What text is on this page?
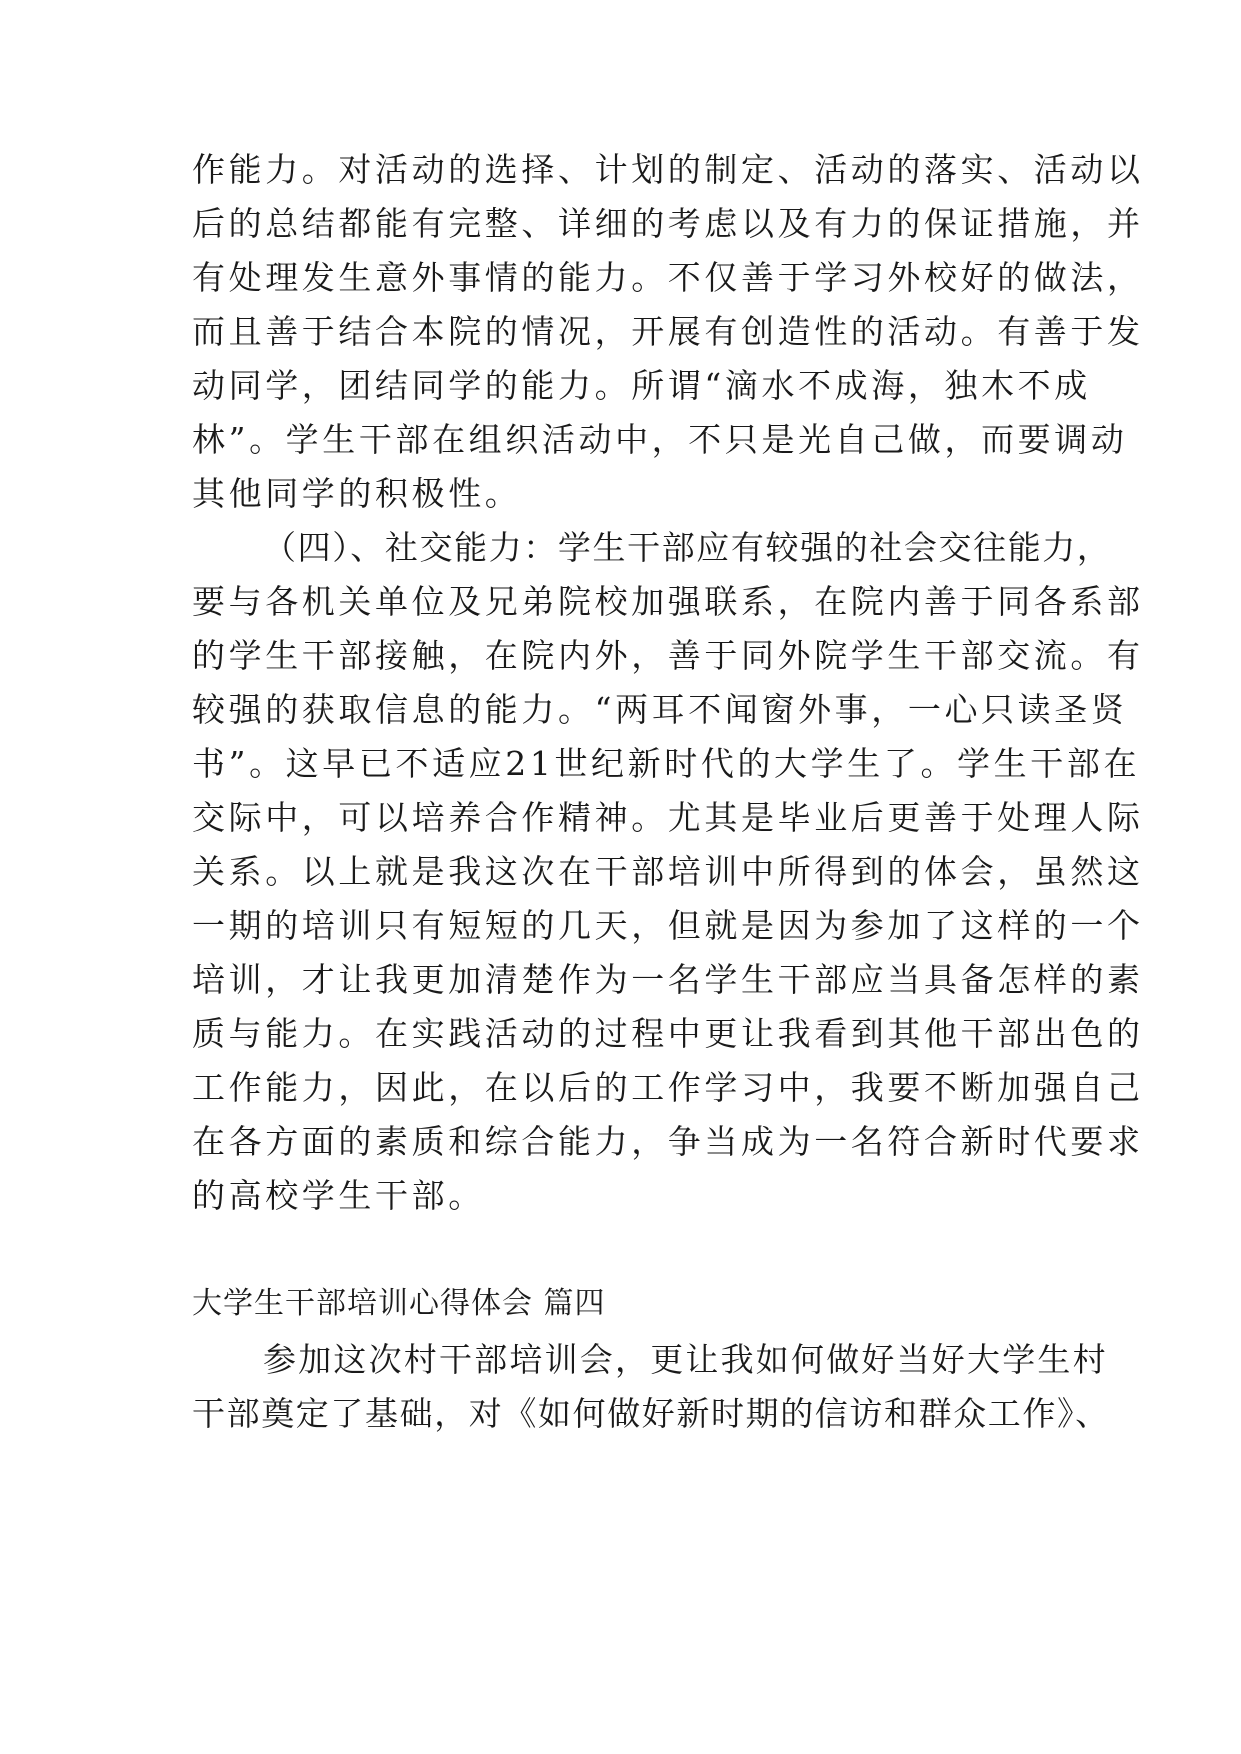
作能力。对活动的选择、计划的制定、活动的落实、活动以
后的总结都能有完整、详细的考虑以及有力的保证措施，并
有处理发生意外事情的能力。不仅善于学习外校好的做法，
而且善于结合本院的情况，开展有创造性的活动。有善于发
动同学，团结同学的能力。所谓“滴水不成海，独木不成
林”。学生干部在组织活动中，不只是光自己做，而要调动
其他同学的积极性。
（四）、社交能力：学生干部应有较强的社会交往能力，
要与各机关单位及兄弟院校加强联系，在院内善于同各系部
的学生干部接触，在院内外，善于同外院学生干部交流。有
较强的获取信息的能力。“两耳不闻窗外事，一心只读圣贤
书”。这早已不适应21世纪新时代的大学生了。学生干部在
交际中，可以培养合作精神。尤其是毕业后更善于处理人际
关系。以上就是我这次在干部培训中所得到的体会，虽然这
一期的培训只有短短的几天，但就是因为参加了这样的一个
培训，才让我更加清楚作为一名学生干部应当具备怎样的素
质与能力。在实践活动的过程中更让我看到其他干部出色的
工作能力，因此，在以后的工作学习中，我要不断加强自己
在各方面的素质和综合能力，争当成为一名符合新时代要求
的高校学生干部。
大学生干部培训心得体会 篇四
参加这次村干部培训会，更让我如何做好当好大学生村
干部奠定了基础，对《如何做好新时期的信访和群众工作》、
